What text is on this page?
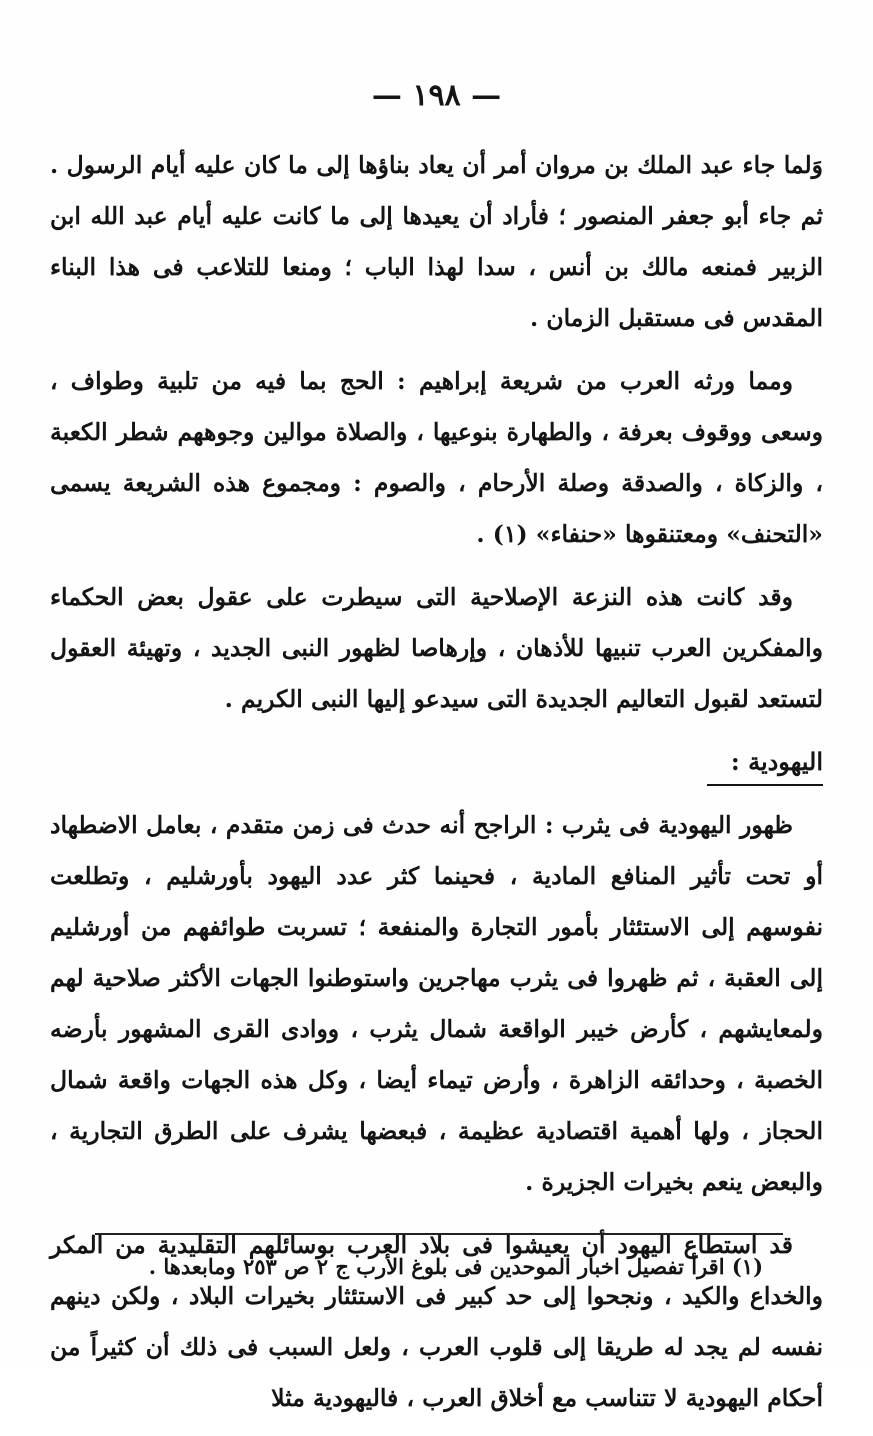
— ١٩٨ —

وَلما جاء عبد الملك بن مروان أمر أن يعاد بناؤها إلى ما كان عليه أيام الرسول . ثم جاء أبو جعفر المنصور ؛ فأراد أن يعيدها إلى ما كانت عليه أيام عبد الله ابن الزبير فمنعه مالك بن أنس ، سدا لهذا الباب ؛ ومنعا للتلاعب فى هذا البناء المقدس فى مستقبل الزمان .

ومما ورثه العرب من شريعة إبراهيم : الحج بما فيه من تلبية وطواف ، وسعى ووقوف بعرفة ، والطهارة بنوعيها ، والصلاة موالين وجوههم شطر الكعبة ، والزكاة ، والصدقة وصلة الأرحام ، والصوم : ومجموع هذه الشريعة يسمى «التحنف» ومعتنقوها «حنفاء» (١) .

وقد كانت هذه النزعة الإصلاحية التى سيطرت على عقول بعض الحكماء والمفكرين العرب تنبيها للأذهان ، وإرهاصا لظهور النبى الجديد ، وتهيئة العقول لتستعد لقبول التعاليم الجديدة التى سيدعو إليها النبى الكريم .

اليهودية :

ظهور اليهودية فى يثرب : الراجح أنه حدث فى زمن متقدم ، بعامل الاضطهاد أو تحت تأثير المنافع المادية ، فحينما كثر عدد اليهود بأورشليم ، وتطلعت نفوسهم إلى الاستئثار بأمور التجارة والمنفعة ؛ تسربت طوائفهم من أورشليم إلى العقبة ، ثم ظهروا فى يثرب مهاجرين واستوطنوا الجهات الأكثر صلاحية لهم ولمعايشهم ، كأرض خيبر الواقعة شمال يثرب ، ووادى القرى المشهور بأرضه الخصبة ، وحدائقه الزاهرة ، وأرض تيماء أيضا ، وكل هذه الجهات واقعة شمال الحجاز ، ولها أهمية اقتصادية عظيمة ، فبعضها يشرف على الطرق التجارية ، والبعض ينعم بخيرات الجزيرة .

قد استطاع اليهود أن يعيشوا فى بلاد العرب بوسائلهم التقليدية من المكر والخداع والكيد ، ونجحوا إلى حد كبير فى الاستئثار بخيرات البلاد ، ولكن دينهم نفسه لم يجد له طريقا إلى قلوب العرب ، ولعل السبب فى ذلك أن كثيراً من أحكام اليهودية لا تتناسب مع أخلاق العرب ، فاليهودية مثلا

(١) اقرأ تفصيل اخبار الموحدين فى بلوغ الأرب ج ٢ ص ٢٥٣ ومابعدها .
